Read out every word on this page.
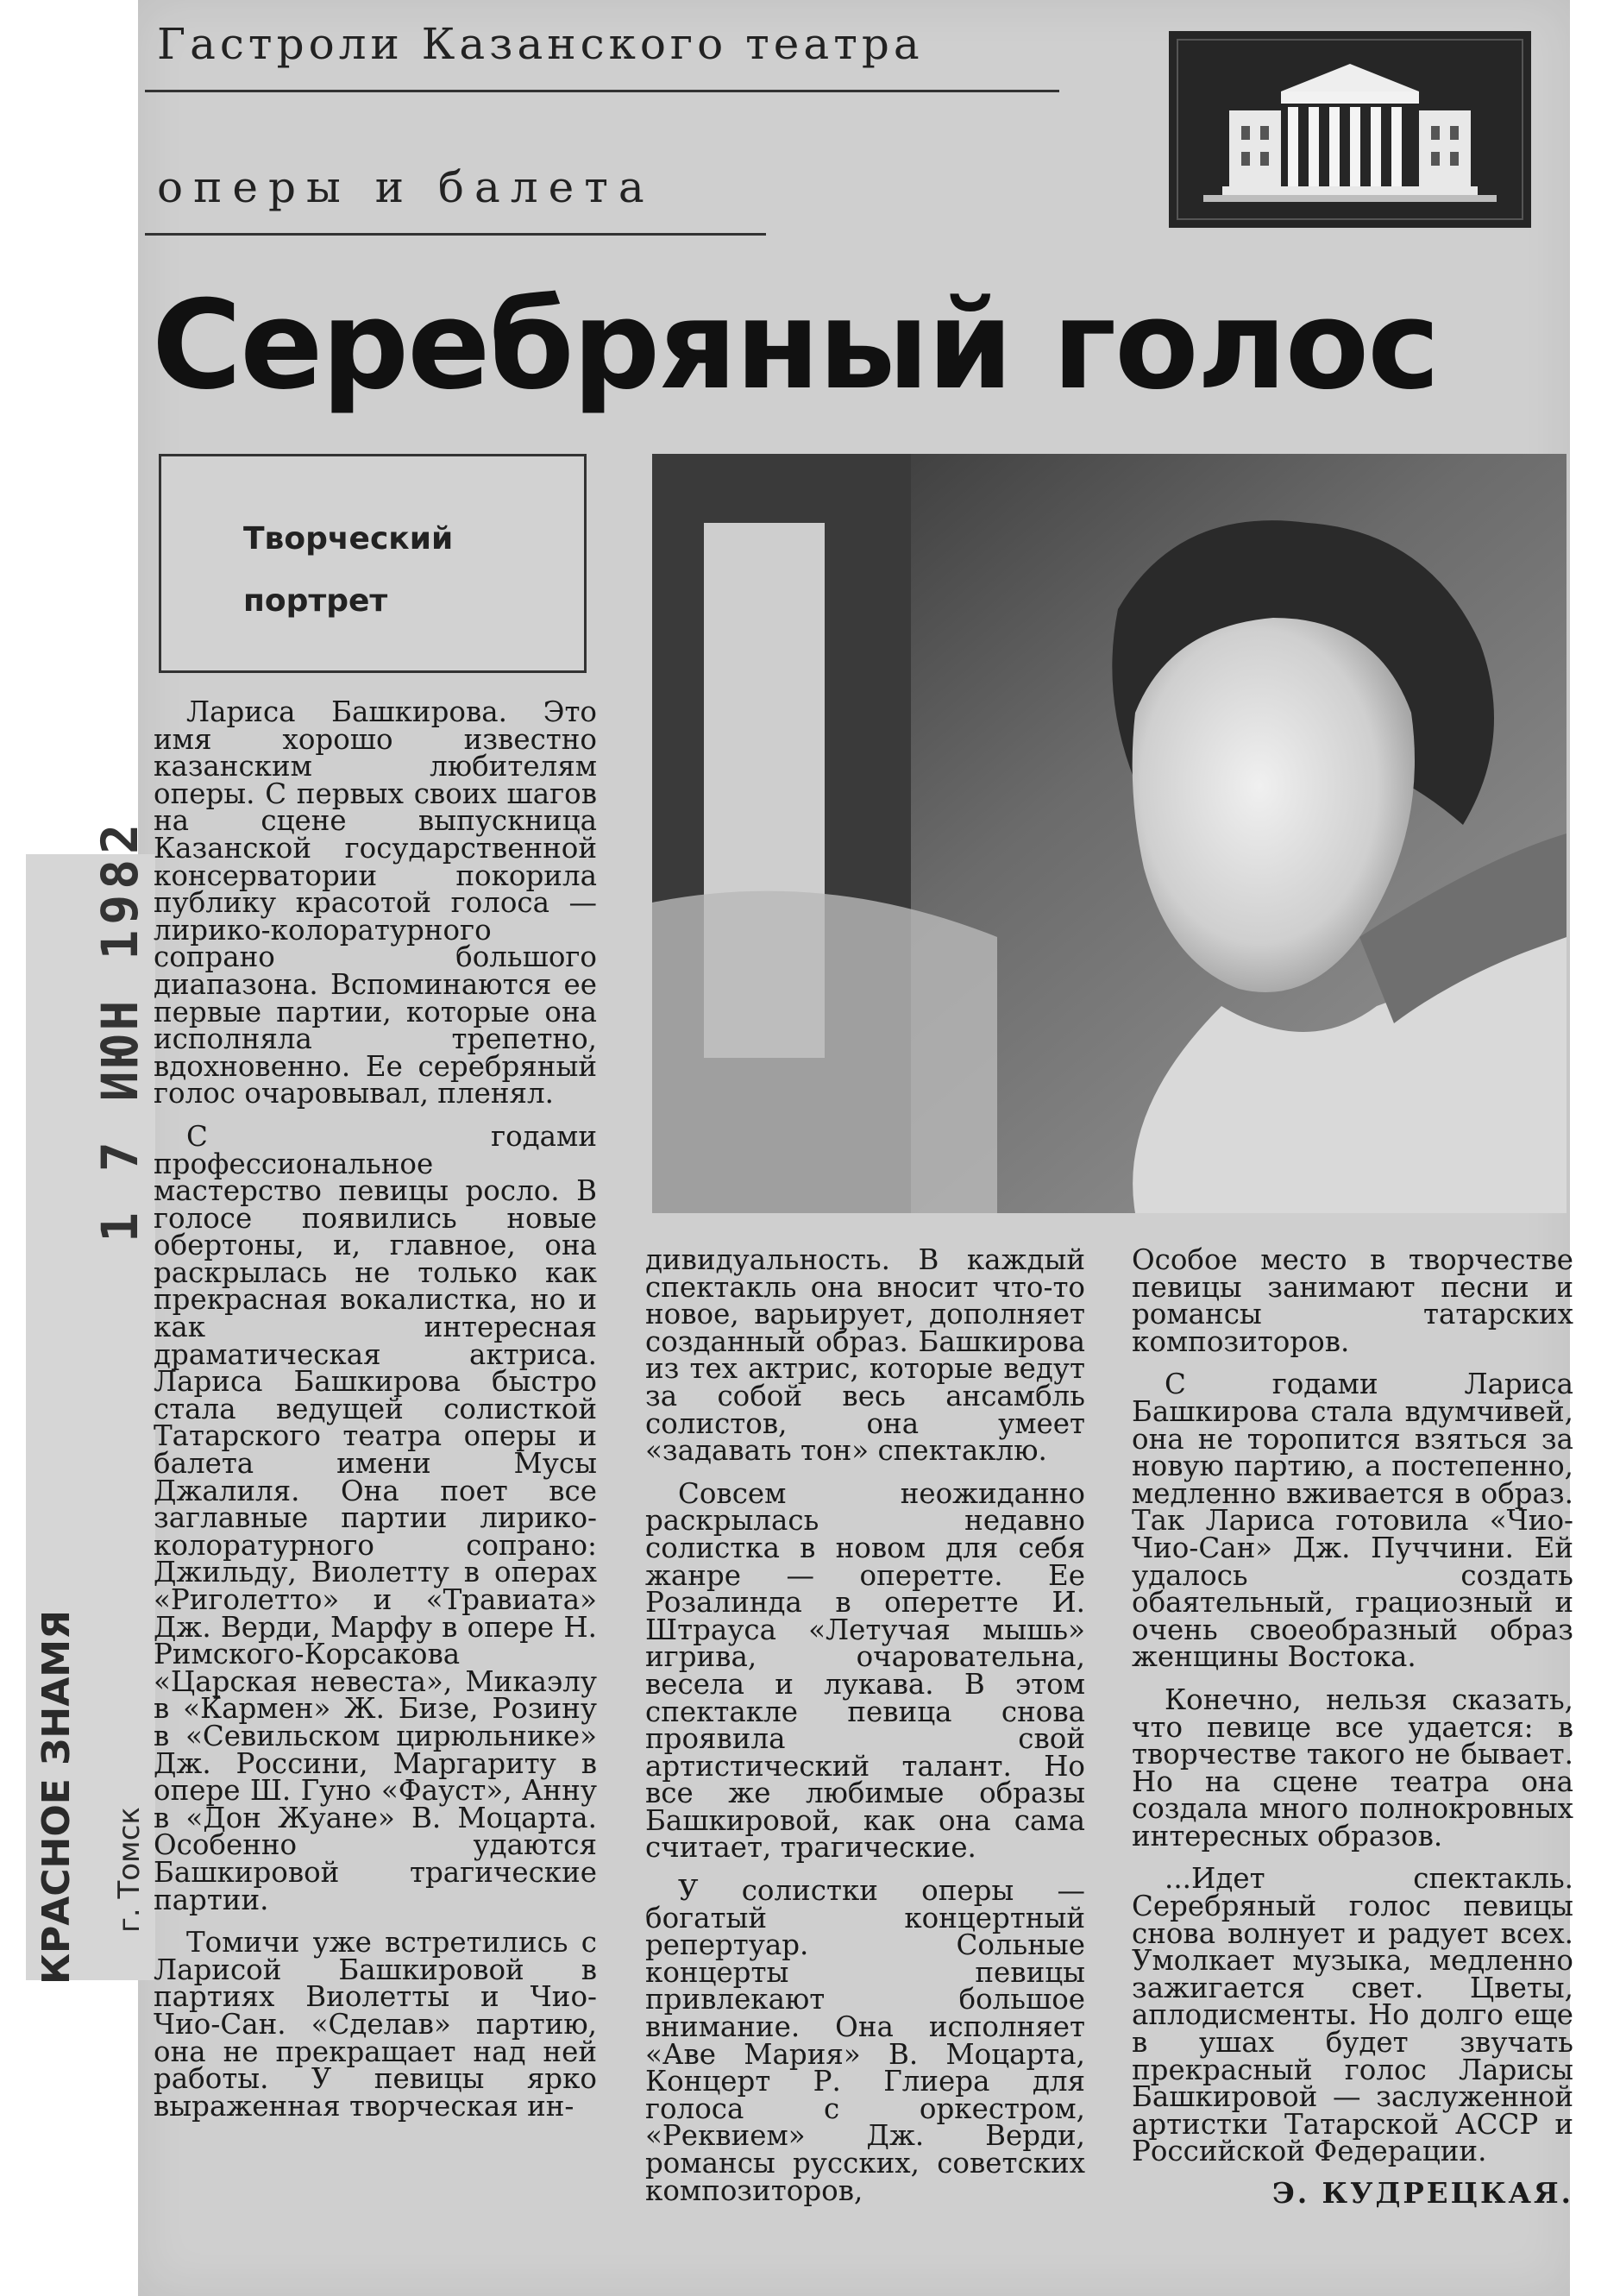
1 7 ИЮН 1982
КРАСНОЕ ЗНАМЯ	г. Томск
Гастроли Казанского театра
оперы и балета
Серебряный голос
Творческий
портрет

Лариса Башкирова. Это имя хорошо известно казанским любителям оперы. С первых своих шагов на сцене выпускница Казанской государственной консерватории покорила публику красотой голоса — лирико-колоратурного сопрано большого диапазона. Вспоминаются ее первые партии, которые она исполняла трепетно, вдохновенно. Ее серебряный голос очаровывал, пленял.

С годами профессиональное мастерство певицы росло. В голосе появились новые обертоны, и, главное, она раскрылась не только как прекрасная вокалистка, но и как интересная драматическая актриса. Лариса Башкирова быстро стала ведущей солисткой Татарского театра оперы и балета имени Мусы Джалиля. Она поет все заглавные партии лирико-колоратурного сопрано: Джильду, Виолетту в операх «Риголетто» и «Травиата» Дж. Верди, Марфу в опере Н. Римского-Корсакова «Царская невеста», Микаэлу в «Кармен» Ж. Бизе, Розину в «Севильском цирюльнике» Дж. Россини, Маргариту в опере Ш. Гуно «Фауст», Анну в «Дон Жуане» В. Моцарта. Особенно удаются Башкировой трагические партии.

Томичи уже встретились с Ларисой Башкировой в партиях Виолетты и Чио-Чио-Сан. «Сделав» партию, она не прекращает над ней работы. У певицы ярко выраженная творческая ин-

дивидуальность. В каждый спектакль она вносит что-то новое, варьирует, дополняет созданный образ. Башкирова из тех актрис, которые ведут за собой весь ансамбль солистов, она умеет «задавать тон» спектаклю.

Совсем неожиданно раскрылась недавно солистка в новом для себя жанре — оперетте. Ее Розалинда в оперетте И. Штрауса «Летучая мышь» игрива, очаровательна, весела и лукава. В этом спектакле певица снова проявила свой артистический талант. Но все же любимые образы Башкировой, как она сама считает, трагические.

У солистки оперы — богатый концертный репертуар. Сольные концерты певицы привлекают большое внимание. Она исполняет «Аве Мария» В. Моцарта, Концерт Р. Глиера для голоса с оркестром, «Реквием» Дж. Верди, романсы русских, советских композиторов,

Особое место в творчестве певицы занимают песни и романсы татарских композиторов.

С годами Лариса Башкирова стала вдумчивей, она не торопится взяться за новую партию, а постепенно, медленно вживается в образ. Так Лариса готовила «Чио-Чио-Сан» Дж. Пуччини. Ей удалось создать обаятельный, грациозный и очень своеобразный образ женщины Востока.

Конечно, нельзя сказать, что певице все удается: в творчестве такого не бывает. Но на сцене театра она создала много полнокровных интересных образов.

...Идет спектакль. Серебряный голос певицы снова волнует и радует всех. Умолкает музыка, медленно зажигается свет. Цветы, аплодисменты. Но долго еще в ушах будет звучать прекрасный голос Ларисы Башкировой — заслуженной артистки Татарской АССР и Российской Федерации.

Э. КУДРЕЦКАЯ.
